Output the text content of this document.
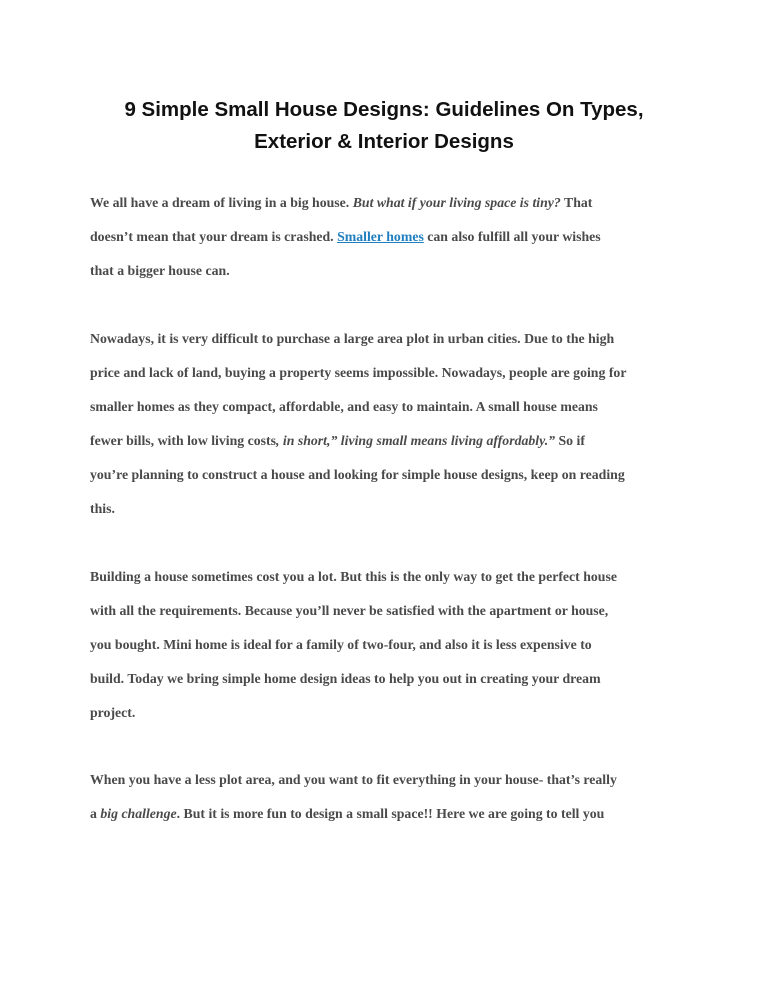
9 Simple Small House Designs: Guidelines On Types,
Exterior & Interior Designs
We all have a dream of living in a big house. But what if your living space is tiny? That
doesn’t mean that your dream is crashed. Smaller homes can also fulfill all your wishes
that a bigger house can.
Nowadays, it is very difficult to purchase a large area plot in urban cities. Due to the high
price and lack of land, buying a property seems impossible. Nowadays, people are going for
smaller homes as they compact, affordable, and easy to maintain. A small house means
fewer bills, with low living costs, in short,” living small means living affordably.” So if
you’re planning to construct a house and looking for simple house designs, keep on reading
this.
Building a house sometimes cost you a lot. But this is the only way to get the perfect house
with all the requirements. Because you’ll never be satisfied with the apartment or house,
you bought. Mini home is ideal for a family of two-four, and also it is less expensive to
build. Today we bring simple home design ideas to help you out in creating your dream
project.
When you have a less plot area, and you want to fit everything in your house- that’s really
a big challenge. But it is more fun to design a small space!! Here we are going to tell you
